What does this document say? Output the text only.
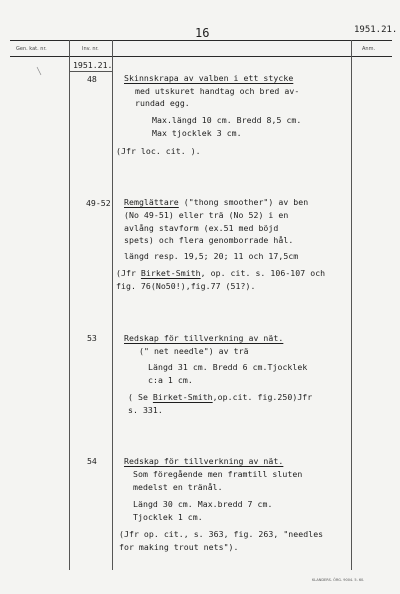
16	1951.21.
Gen. kat. nr.	Inv. nr.	Anm.
1951.21.
48	Skinnskrapa av valben i ett stycke
med utskuret handtag och bred av-
rundad egg.
Max.längd 10 cm. Bredd 8,5 cm.
Max tjocklek 3 cm.
(Jfr loc. cit. ).
49-52 Remglättare ("thong smoother") av ben
(No 49-51) eller trä (No 52) i en
avlång stavform (ex.51 med böjd
spets) och flera genomborrade hål.
längd resp. 19,5; 20; 11 och 17,5cm
(Jfr Birket-Smith, op. cit. s. 106-107 och
fig. 76(No50!),fig.77 (51?).
53	Redskap för tillverkning av nät.
(" net needle") av trä
Längd 31 cm. Bredd 6 cm.Tjocklek
c:a 1 cm.
( Se Birket-Smith,op.cit. fig.250)Jfr
s. 331.
54	Redskap för tillverkning av nät.
Som föregående men framtill sluten
medelst en tränål.
Längd 30 cm. Max.bredd 7 cm.
Tjocklek 1 cm.
(Jfr op. cit., s. 363, fig. 263, "needles
for making trout nets").
KLANDERS. ÖRG. 9004. 5. 60.
